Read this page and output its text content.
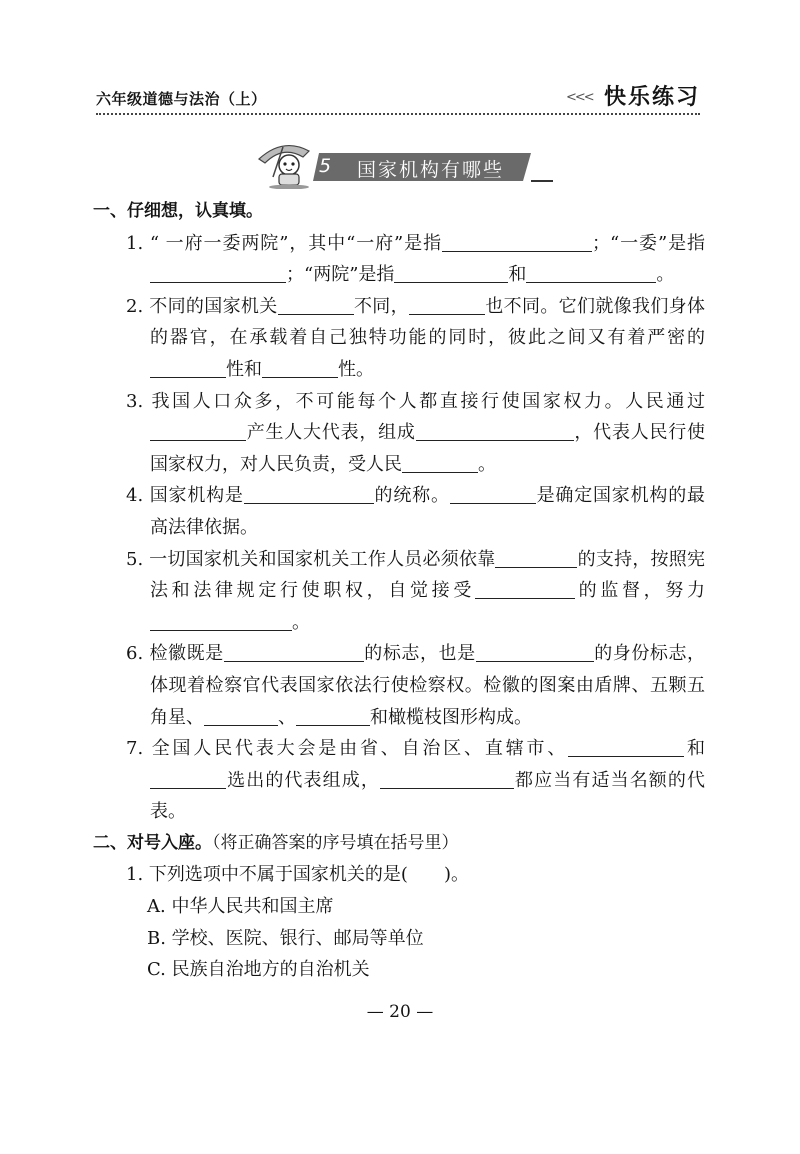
六年级道德与法治（上）	<<< 快乐练习
5 国家机构有哪些

一、仔细想，认真填。

1. “ 一府一委两院”，其中“一府”是指	；“一委”是指 ；“两院”是指	和	。

2. 不同的国家机关	不同，	也不同。它们就像我们身体的器官，在承载着自己独特功能的同时，彼此之间又有着严密的性和	性。

3. 我国人口众多，不可能每个人都直接行使国家权力。人民通过 产生人大代表，组成	，代表人民行使国家权力，对人民负责，受人民	。

4. 国家机构是	的统称。	是确定国家机构的最高法律依据。

5. 一切国家机关和国家机关工作人员必须依靠	的支持，按照宪法和法律规定行使职权，自觉接受	的监督，努力。

6. 检徽既是	的标志，也是	的身份标志，体现着检察官代表国家依法行使检察权。检徽的图案由盾牌、五颗五角星、	、	和橄榄枝图形构成。

7. 全国人民代表大会是由省、自治区、直辖市、	和 选出的代表组成，	都应当有适当名额的代表。

二、对号入座。（将正确答案的序号填在括号里）

1. 下列选项中不属于国家机关的是(　　)。

A. 中华人民共和国主席

B. 学校、医院、银行、邮局等单位

C. 民族自治地方的自治机关

— 20 —
